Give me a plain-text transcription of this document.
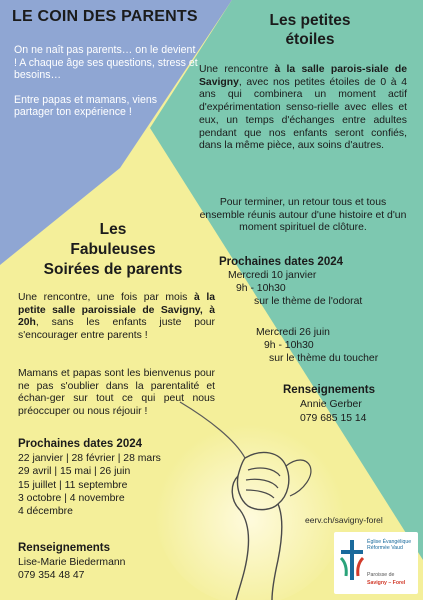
LE COIN DES PARENTS

On ne naît pas parents… on le devient ! A chaque âge ses questions, stress et besoins…

Entre papas et mamans, viens partager ton expérience !

Les petites
étoiles

Une rencontre à la salle parois-siale de Savigny, avec nos petites étoiles de 0 à 4 ans qui combinera un moment actif d'expérimentation senso-rielle avec elles et eux, un temps d'échanges entre adultes pendant que nos enfants seront confiés, dans la même pièce, aux soins d'autres.

Pour terminer, un retour tous et tous ensemble réunis autour d'une histoire et d'un moment spirituel de clôture.

Les
Fabuleuses
Soirées de parents

Une rencontre, une fois par mois à la petite salle paroissiale de Savigny, à 20h, sans les enfants juste pour s'encourager entre parents !

Mamans et papas sont les bienvenus pour ne pas s'oublier dans la parentalité et échan-ger sur tout ce qui peut nous préoccuper ou nous réjouir !

Prochaines dates 2024
Mercredi 10 janvier
9h - 10h30
sur le thème de l'odorat
Mercredi 26 juin
9h - 10h30
sur le thème du toucher
Renseignements
Annie Gerber
079 685 15 14
Prochaines dates 2024
22 janvier | 28 février | 28 mars
29 avril | 15 mai | 26 juin
15 juillet | 11 septembre
3 octobre | 4 novembre
4 décembre
Renseignements
Lise-Marie Biedermann
079 354 48 47
eerv.ch/savigny-forel
Église Évangélique Réformée Vaud
Paroisse de
Savigny – Forel
